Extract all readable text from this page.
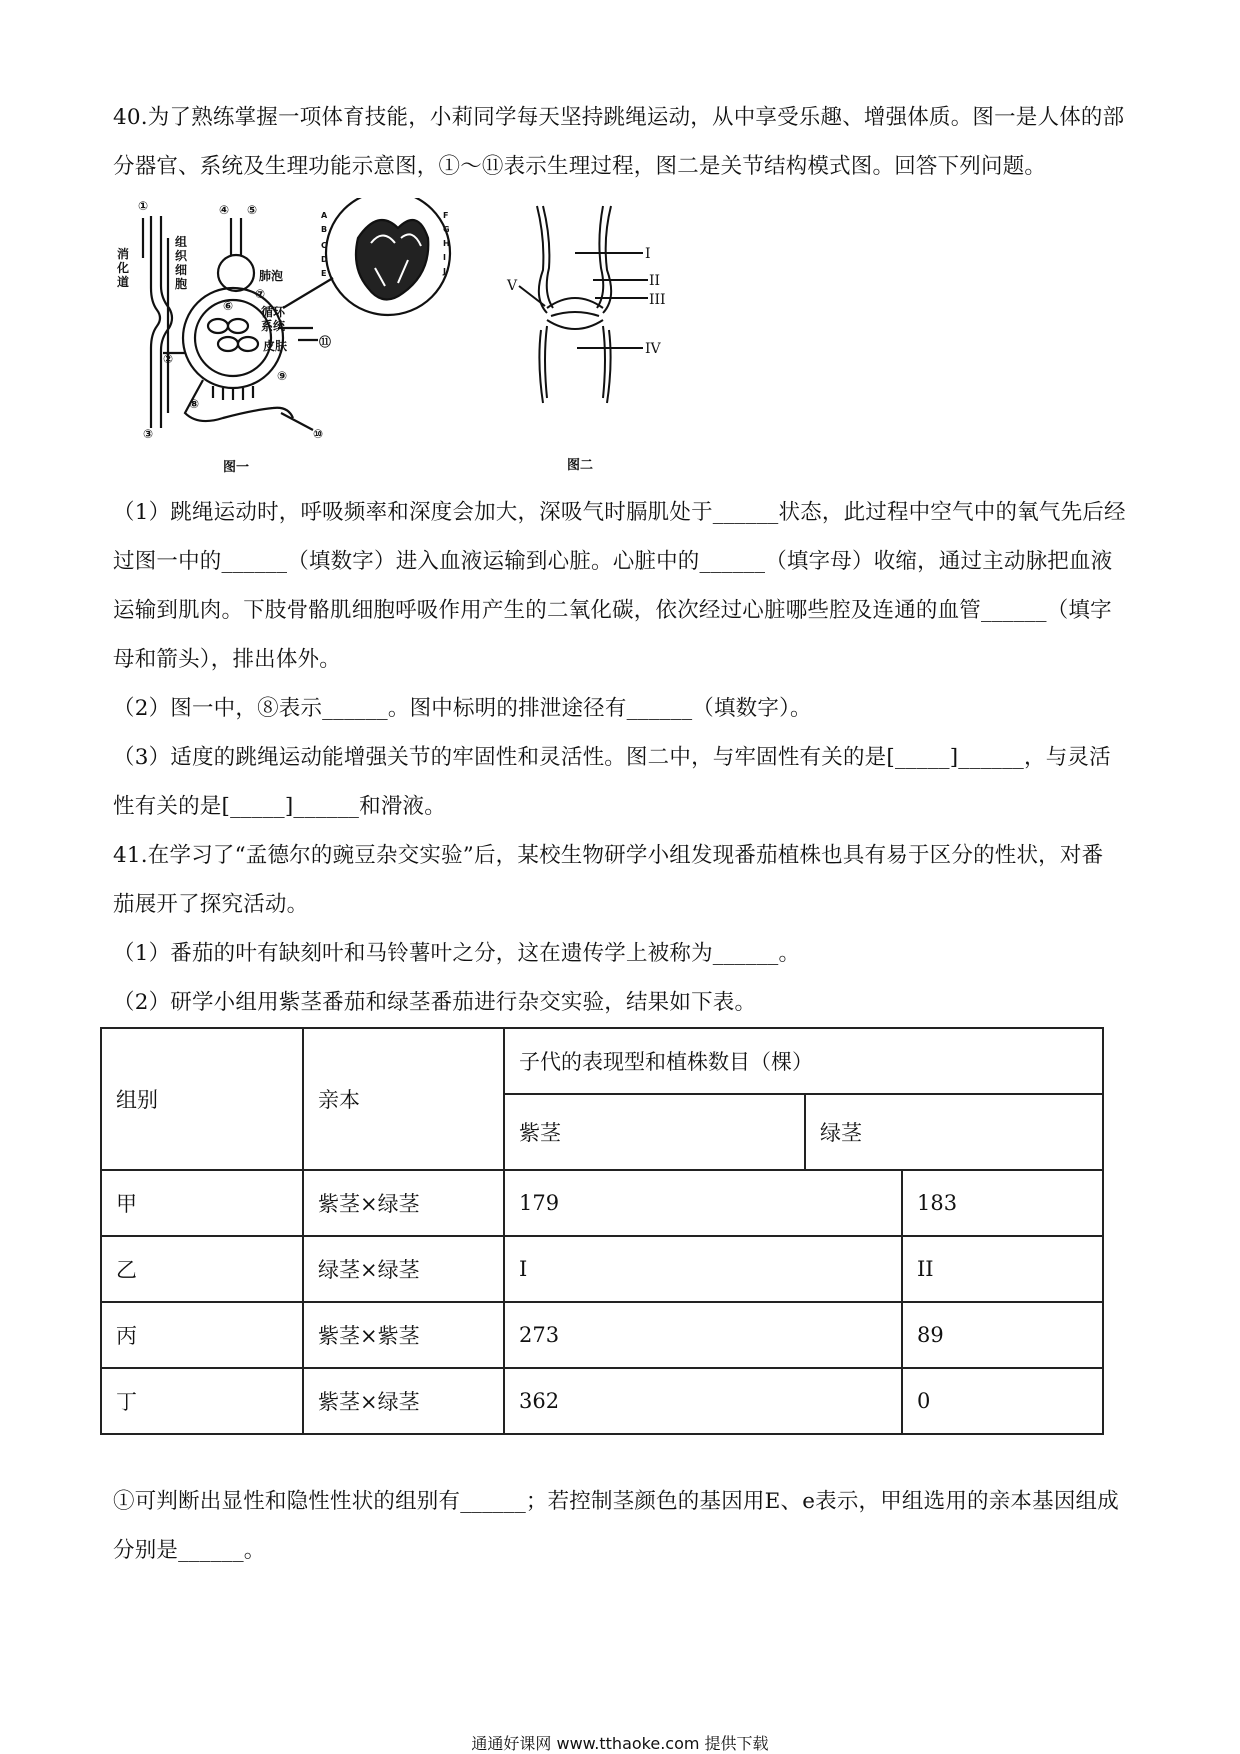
40.为了熟练掌握一项体育技能，小莉同学每天坚持跳绳运动，从中享受乐趣、增强体质。图一是人体的部
分器官、系统及生理功能示意图，①～⑪表示生理过程，图二是关节结构模式图。回答下列问题。
消
化
道
组
织
细
胞
肺泡
循环
系统
皮肤
①
②
③
④ ⑤
⑥
⑦
⑧
⑨
⑩
⑪
A
B
C
D
E
F
G
H
I
J
图一
I
II
III
IV
V
图二
（1）跳绳运动时，呼吸频率和深度会加大，深吸气时膈肌处于______状态，此过程中空气中的氧气先后经
过图一中的______（填数字）进入血液运输到心脏。心脏中的______（填字母）收缩，通过主动脉把血液
运输到肌肉。下肢骨骼肌细胞呼吸作用产生的二氧化碳，依次经过心脏哪些腔及连通的血管______（填字
母和箭头），排出体外。
（2）图一中，⑧表示______。图中标明的排泄途径有______（填数字）。
（3）适度的跳绳运动能增强关节的牢固性和灵活性。图二中，与牢固性有关的是[_____]______，与灵活
性有关的是[_____]______和滑液。
41.在学习了“孟德尔的豌豆杂交实验”后，某校生物研学小组发现番茄植株也具有易于区分的性状，对番
茄展开了探究活动。
（1）番茄的叶有缺刻叶和马铃薯叶之分，这在遗传学上被称为______。
（2）研学小组用紫茎番茄和绿茎番茄进行杂交实验，结果如下表。
组别	亲本	子代的表现型和植株数目（棵）		
		紫茎	绿茎	
甲	紫茎×绿茎	179		183
乙	绿茎×绿茎	I		II
丙	紫茎×紫茎	273		89
丁	紫茎×绿茎	362		0
①可判断出显性和隐性性状的组别有______；若控制茎颜色的基因用E、e表示，甲组选用的亲本基因组成
分别是______。
通通好课网 www.tthaoke.com 提供下载
